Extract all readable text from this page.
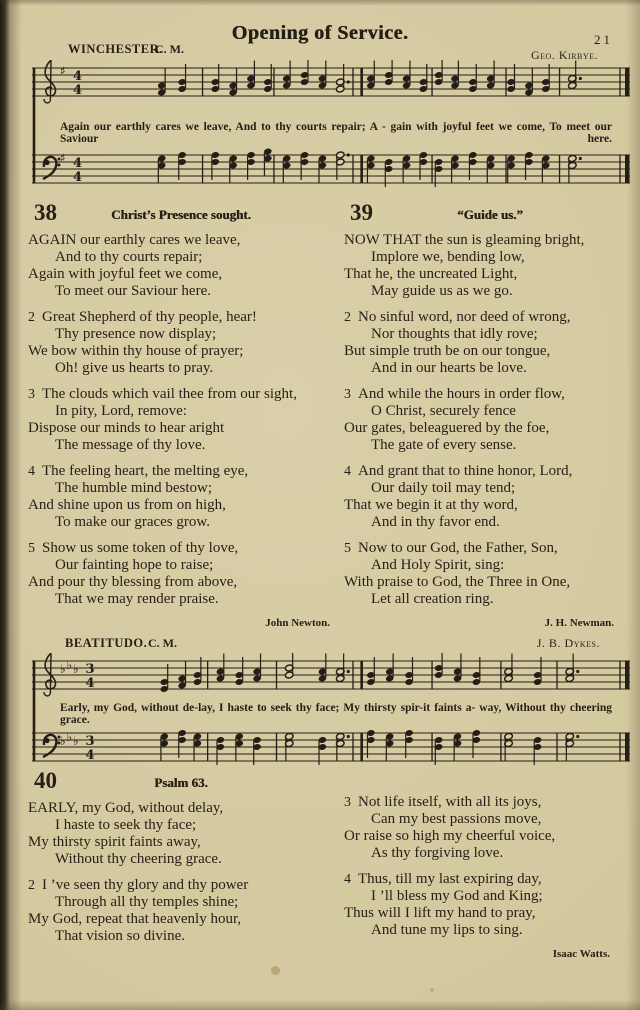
Opening of Service.	21
WINCHESTER.
C. M.	Geo. Kirbye.
♯ 4
4
♯ 4
4
Again our earthly cares we leave, And to thy courts repair; A - gain with joyful feet we come, To meet our Saviour here.
38	Christ’s Presence sought.
AGAIN our earthly cares we leave,
And to thy courts repair;
Again with joyful feet we come,
To meet our Saviour here.
2 Great Shepherd of thy people, hear!
Thy presence now display;
We bow within thy house of prayer;
Oh! give us hearts to pray.
3 The clouds which vail thee from our sight,
In pity, Lord, remove:
Dispose our minds to hear aright
The message of thy love.
4 The feeling heart, the melting eye,
The humble mind bestow;
And shine upon us from on high,
To make our graces grow.
5 Show us some token of thy love,
Our fainting hope to raise;
And pour thy blessing from above,
That we may render praise.
John Newton.
39	“Guide us.”
NOW THAT the sun is gleaming bright,
Implore we, bending low,
That he, the uncreated Light,
May guide us as we go.
2 No sinful word, nor deed of wrong,
Nor thoughts that idly rove;
But simple truth be on our tongue,
And in our hearts be love.
3 And while the hours in order flow,
O Christ, securely fence
Our gates, beleaguered by the foe,
The gate of every sense.
4 And grant that to thine honor, Lord,
Our daily toil may tend;
That we begin it at thy word,
And in thy favor end.
5 Now to our God, the Father, Son,
And Holy Spirit, sing:
With praise to God, the Three in One,
Let all creation ring.
J. H. Newman.
BEATITUDO. C. M.	J. B. Dykes.
♭ ♭ ♭ 3
4
♭ ♭ ♭ 3
4
Early, my God, without de-lay, I haste to seek thy face; My thirsty spir-it faints a- way, Without thy cheering grace.
40	Psalm 63.
EARLY, my God, without delay,
I haste to seek thy face;
My thirsty spirit faints away,
Without thy cheering grace.
2 I ’ve seen thy glory and thy power
Through all thy temples shine;
My God, repeat that heavenly hour,
That vision so divine.
3 Not life itself, with all its joys,
Can my best passions move,
Or raise so high my cheerful voice,
As thy forgiving love.
4 Thus, till my last expiring day,
I ’ll bless my God and King;
Thus will I lift my hand to pray,
And tune my lips to sing.
Isaac Watts.
